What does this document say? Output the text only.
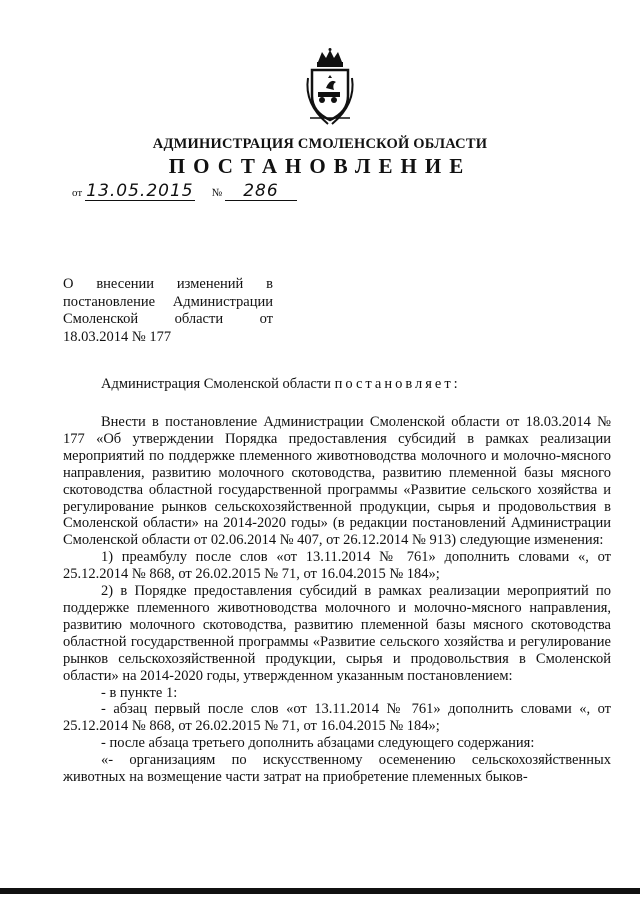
АДМИНИСТРАЦИЯ СМОЛЕНСКОЙ ОБЛАСТИ
ПОСТАНОВЛЕНИЕ
от 13.05.2015 № 286
О внесении изменений в
постановление Администрации
Смоленской области от
18.03.2014 № 177
Администрация Смоленской области постановляет:

Внести в постановление Администрации Смоленской области от 18.03.2014 № 177 «Об утверждении Порядка предоставления субсидий в рамках реализации мероприятий по поддержке племенного животноводства молочного и молочно-мясного направления, развитию молочного скотоводства, развитию племенной базы мясного скотоводства областной государственной программы «Развитие сельского хозяйства и регулирование рынков сельскохозяйственной продукции, сырья и продовольствия в Смоленской области» на 2014-2020 годы» (в редакции постановлений Администрации Смоленской области от 02.06.2014 № 407, от 26.12.2014 № 913) следующие изменения:

1) преамбулу после слов «от 13.11.2014 № 761» дополнить словами «, от 25.12.2014 № 868, от 26.02.2015 № 71, от 16.04.2015 № 184»;

2) в Порядке предоставления субсидий в рамках реализации мероприятий по поддержке племенного животноводства молочного и молочно-мясного направления, развитию молочного скотоводства, развитию племенной базы мясного скотоводства областной государственной программы «Развитие сельского хозяйства и регулирование рынков сельскохозяйственной продукции, сырья и продовольствия в Смоленской области» на 2014-2020 годы, утвержденном указанным постановлением:

- в пункте 1:

- абзац первый после слов «от 13.11.2014 № 761» дополнить словами «, от 25.12.2014 № 868, от 26.02.2015 № 71, от 16.04.2015 № 184»;

- после абзаца третьего дополнить абзацами следующего содержания:

«- организациям по искусственному осеменению сельскохозяйственных животных на возмещение части затрат на приобретение племенных быков-
